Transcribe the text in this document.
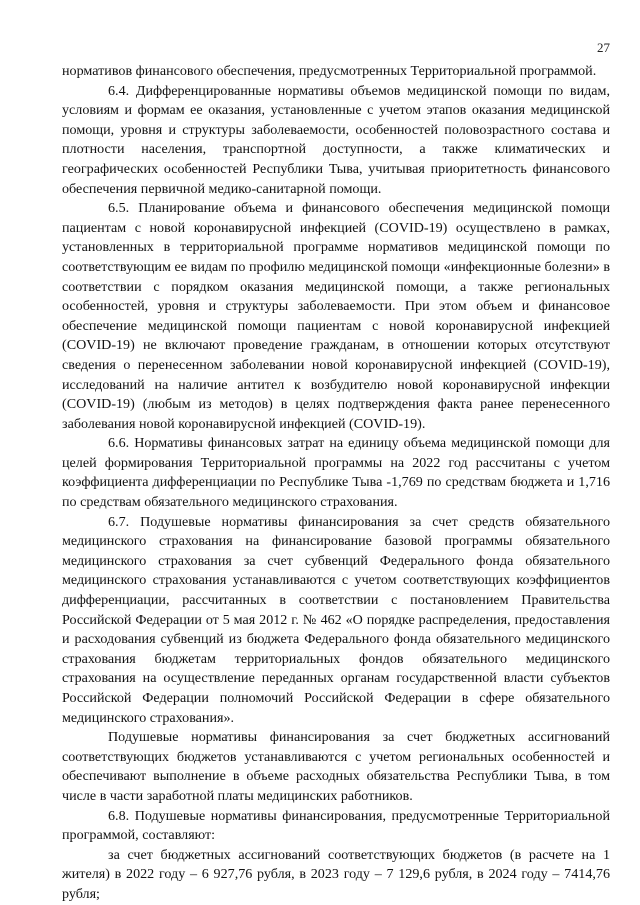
27

нормативов финансового обеспечения, предусмотренных Территориальной программой.

6.4. Дифференцированные нормативы объемов медицинской помощи по видам, условиям и формам ее оказания, установленные с учетом этапов оказания медицинской помощи, уровня и структуры заболеваемости, особенностей половозрастного состава и плотности населения, транспортной доступности, а также климатических и географических особенностей Республики Тыва, учитывая приоритетность финансового обеспечения первичной медико-санитарной помощи.

6.5. Планирование объема и финансового обеспечения медицинской помощи пациентам с новой коронавирусной инфекцией (COVID-19) осуществлено в рамках, установленных в территориальной программе нормативов медицинской помощи по соответствующим ее видам по профилю медицинской помощи «инфекционные болезни» в соответствии с порядком оказания медицинской помощи, а также региональных особенностей, уровня и структуры заболеваемости. При этом объем и финансовое обеспечение медицинской помощи пациентам с новой коронавирусной инфекцией (COVID-19) не включают проведение гражданам, в отношении которых отсутствуют сведения о перенесенном заболевании новой коронавирусной инфекцией (COVID-19), исследований на наличие антител к возбудителю новой коронавирусной инфекции (COVID-19) (любым из методов) в целях подтверждения факта ранее перенесенного заболевания новой коронавирусной инфекцией (COVID-19).

6.6. Нормативы финансовых затрат на единицу объема медицинской помощи для целей формирования Территориальной программы на 2022 год рассчитаны с учетом коэффициента дифференциации по Республике Тыва -1,769 по средствам бюджета и 1,716 по средствам обязательного медицинского страхования.

6.7. Подушевые нормативы финансирования за счет средств обязательного медицинского страхования на финансирование базовой программы обязательного медицинского страхования за счет субвенций Федерального фонда обязательного медицинского страхования устанавливаются с учетом соответствующих коэффициентов дифференциации, рассчитанных в соответствии с постановлением Правительства Российской Федерации от 5 мая 2012 г. № 462 «О порядке распределения, предоставления и расходования субвенций из бюджета Федерального фонда обязательного медицинского страхования бюджетам территориальных фондов обязательного медицинского страхования на осуществление переданных органам государственной власти субъектов Российской Федерации полномочий Российской Федерации в сфере обязательного медицинского страхования».

Подушевые нормативы финансирования за счет бюджетных ассигнований соответствующих бюджетов устанавливаются с учетом региональных особенностей и обеспечивают выполнение в объеме расходных обязательства Республики Тыва, в том числе в части заработной платы медицинских работников.

6.8. Подушевые нормативы финансирования, предусмотренные Территориальной программой, составляют:

за счет бюджетных ассигнований соответствующих бюджетов (в расчете на 1 жителя) в 2022 году – 6 927,76 рубля, в 2023 году – 7 129,6 рубля, в 2024 году – 7414,76 рубля;
